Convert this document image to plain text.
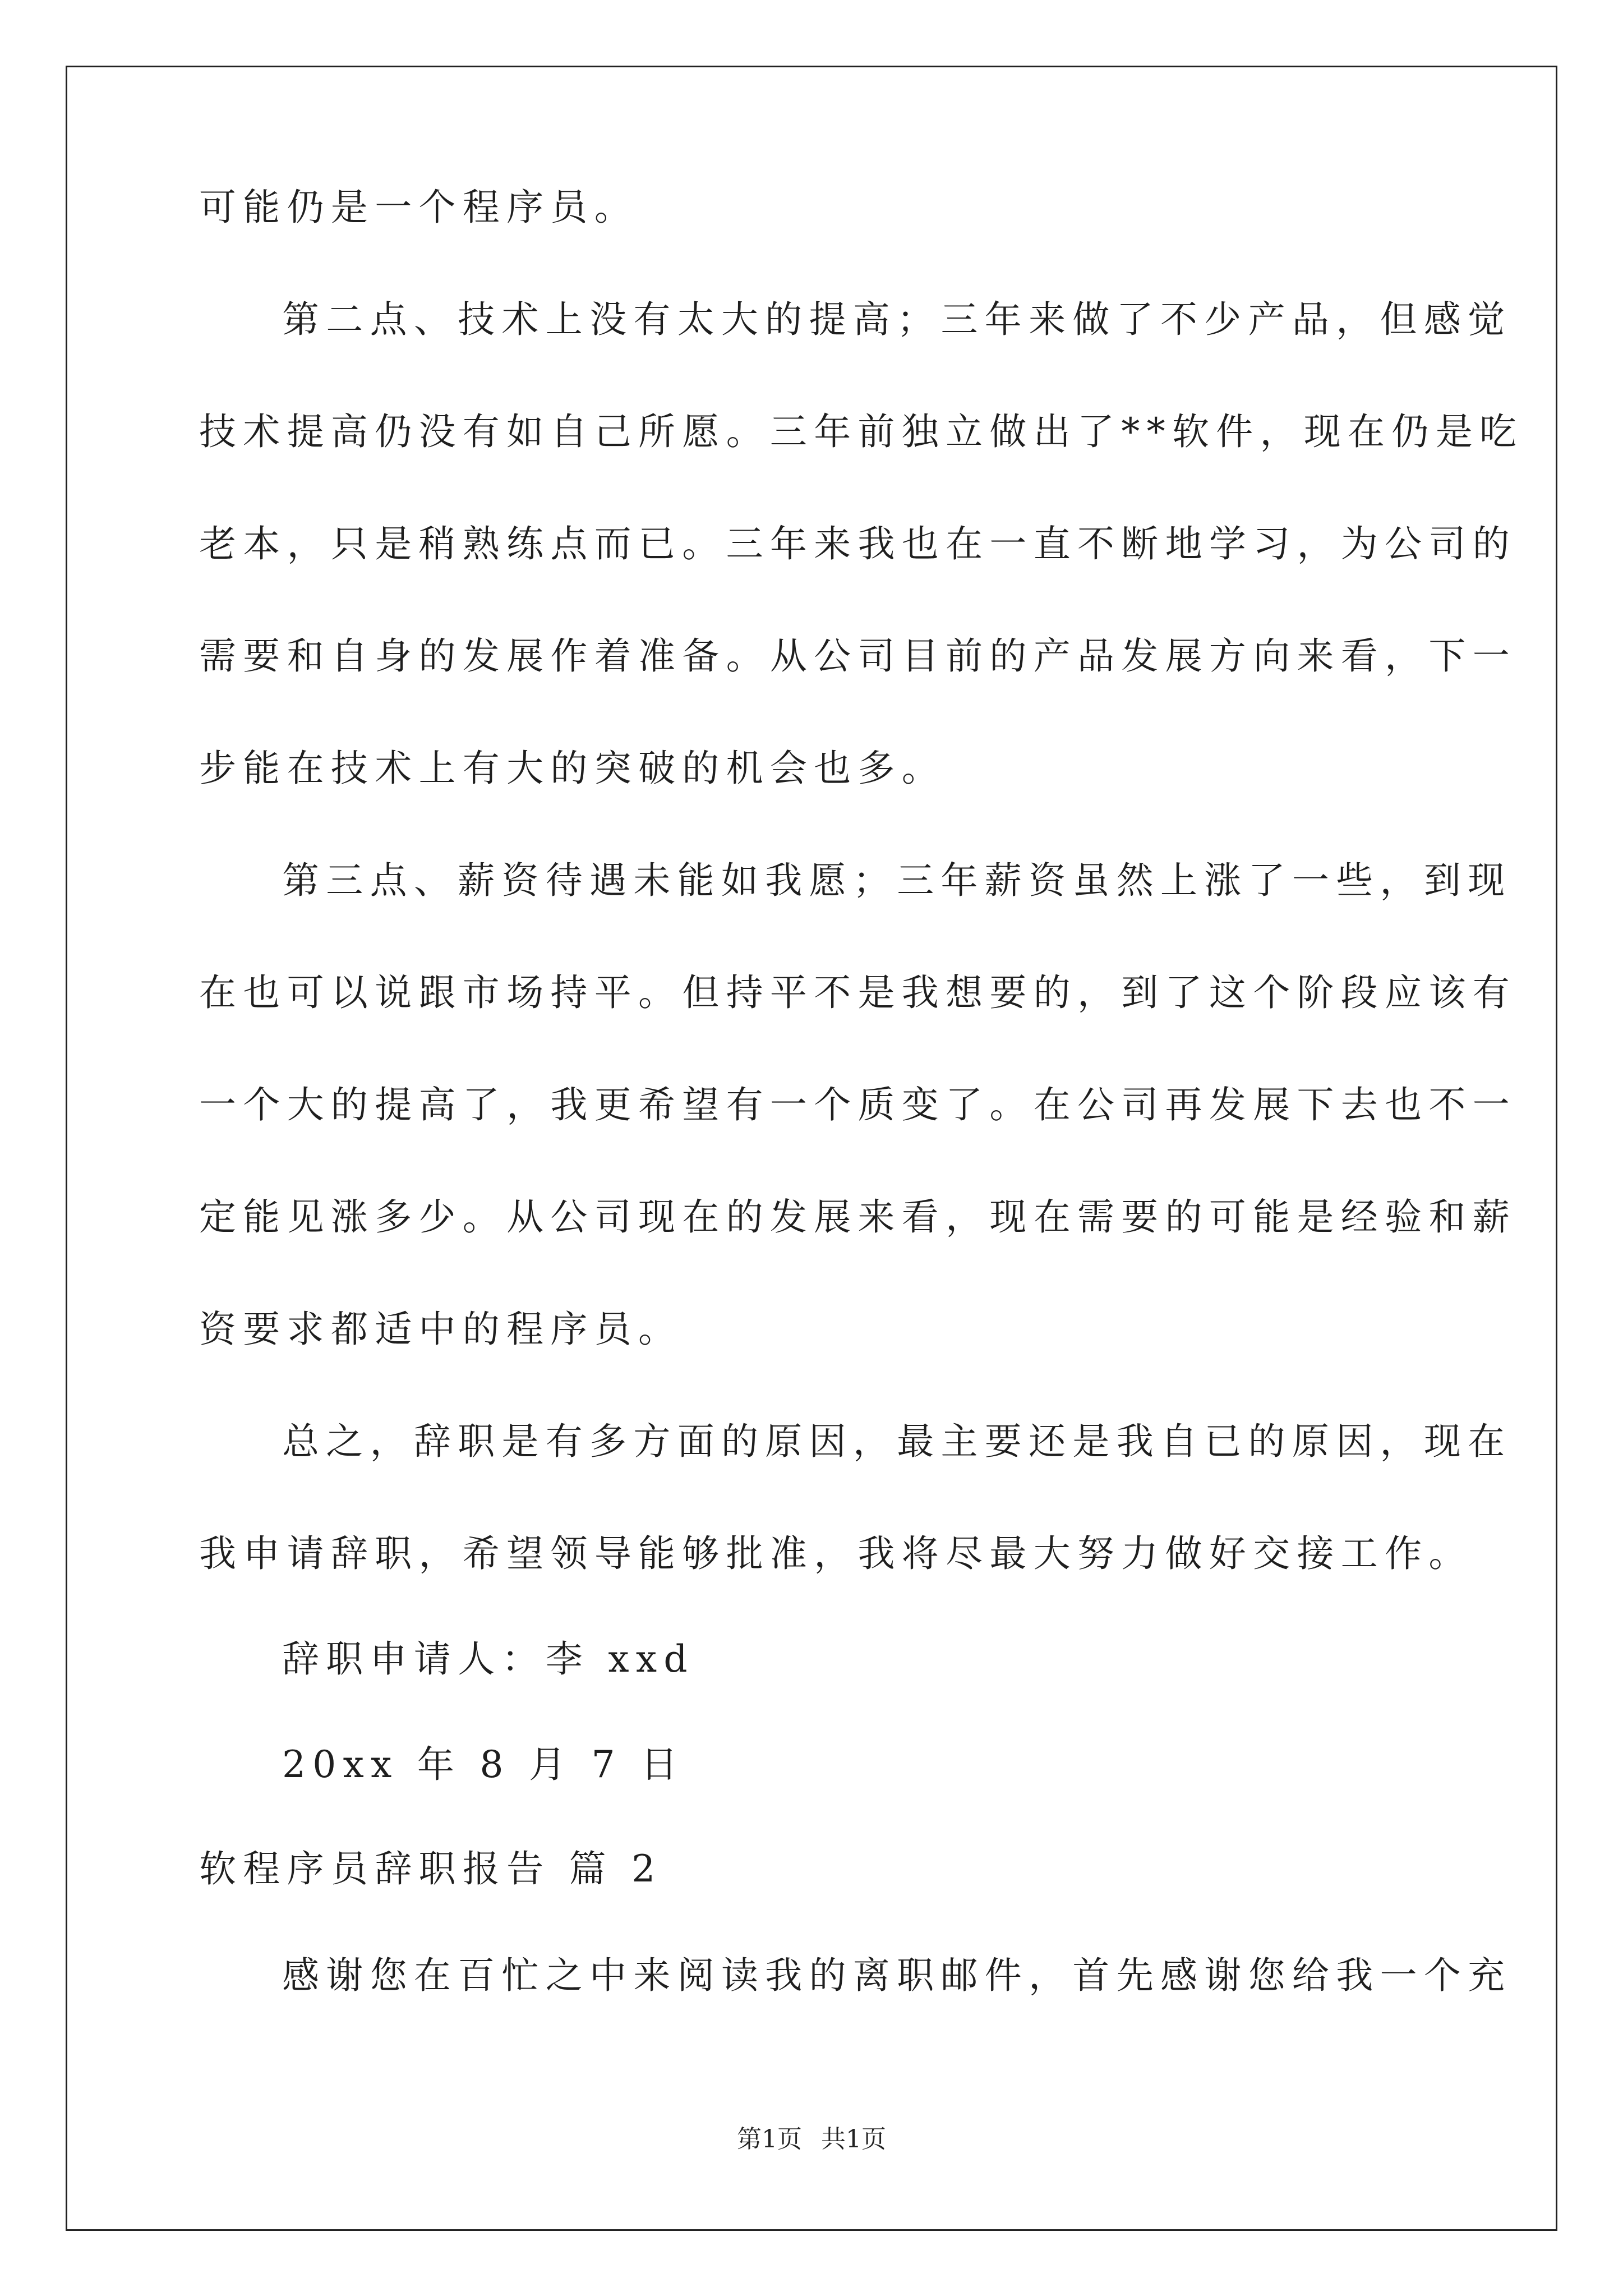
可能仍是一个程序员。
第二点、技术上没有太大的提高；三年来做了不少产品，但感觉
技术提高仍没有如自己所愿。三年前独立做出了**软件，现在仍是吃
老本，只是稍熟练点而已。三年来我也在一直不断地学习，为公司的
需要和自身的发展作着准备。从公司目前的产品发展方向来看，下一
步能在技术上有大的突破的机会也多。
第三点、薪资待遇未能如我愿；三年薪资虽然上涨了一些，到现
在也可以说跟市场持平。但持平不是我想要的，到了这个阶段应该有
一个大的提高了，我更希望有一个质变了。在公司再发展下去也不一
定能见涨多少。从公司现在的发展来看，现在需要的可能是经验和薪
资要求都适中的程序员。
总之，辞职是有多方面的原因，最主要还是我自已的原因，现在
我申请辞职，希望领导能够批准，我将尽最大努力做好交接工作。
辞职申请人：李 xxd
20xx 年 8 月 7 日
软程序员辞职报告 篇 2
感谢您在百忙之中来阅读我的离职邮件，首先感谢您给我一个充
第1页 共1页
